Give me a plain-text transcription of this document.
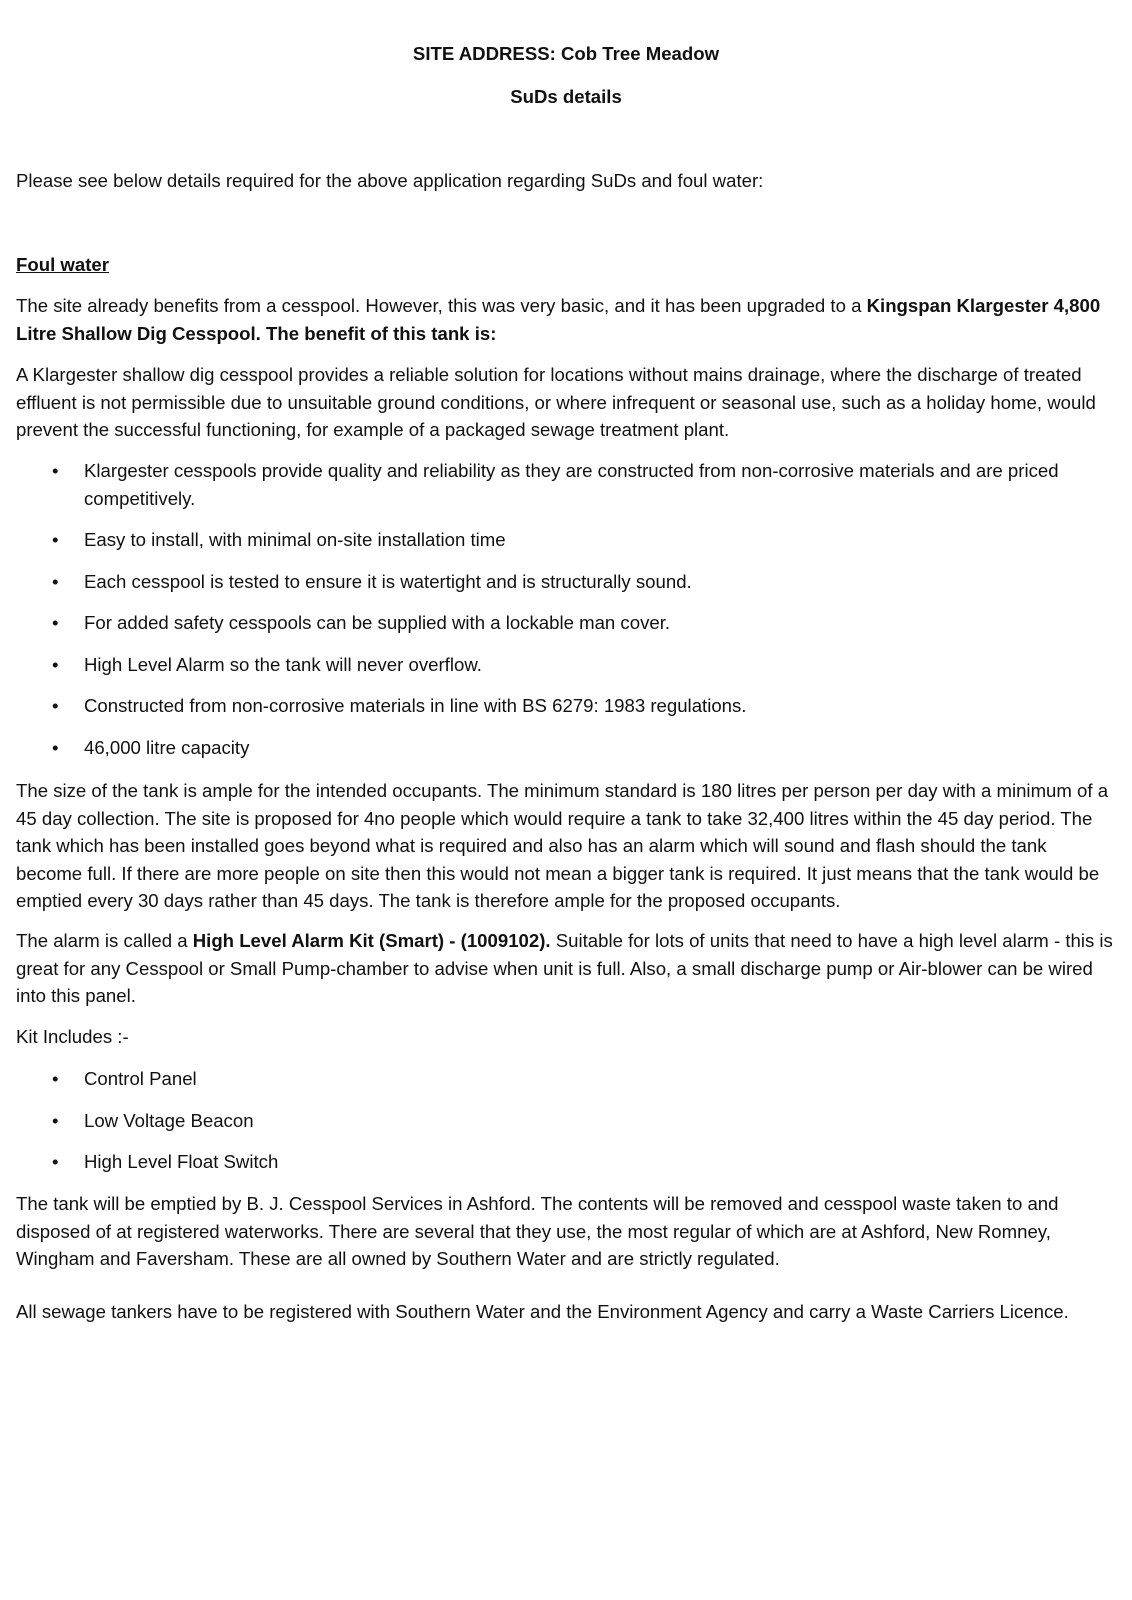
SITE ADDRESS: Cob Tree Meadow

SuDs details

Please see below details required for the above application regarding SuDs and foul water:

Foul water

The site already benefits from a cesspool. However, this was very basic, and it has been upgraded to a Kingspan Klargester 4,800 Litre Shallow Dig Cesspool. The benefit of this tank is:

A Klargester shallow dig cesspool provides a reliable solution for locations without mains drainage, where the discharge of treated effluent is not permissible due to unsuitable ground conditions, or where infrequent or seasonal use, such as a holiday home, would prevent the successful functioning, for example of a packaged sewage treatment plant.

• Klargester cesspools provide quality and reliability as they are constructed from non-corrosive materials and are priced competitively.
• Easy to install, with minimal on-site installation time
• Each cesspool is tested to ensure it is watertight and is structurally sound.
• For added safety cesspools can be supplied with a lockable man cover.
• High Level Alarm so the tank will never overflow.
• Constructed from non-corrosive materials in line with BS 6279: 1983 regulations.
• 46,000 litre capacity

The size of the tank is ample for the intended occupants. The minimum standard is 180 litres per person per day with a minimum of a 45 day collection. The site is proposed for 4no people which would require a tank to take 32,400 litres within the 45 day period. The tank which has been installed goes beyond what is required and also has an alarm which will sound and flash should the tank become full. If there are more people on site then this would not mean a bigger tank is required. It just means that the tank would be emptied every 30 days rather than 45 days. The tank is therefore ample for the proposed occupants.

The alarm is called a High Level Alarm Kit (Smart) - (1009102). Suitable for lots of units that need to have a high level alarm - this is great for any Cesspool or Small Pump-chamber to advise when unit is full. Also, a small discharge pump or Air-blower can be wired into this panel.

Kit Includes :-

• Control Panel
• Low Voltage Beacon
• High Level Float Switch

The tank will be emptied by B. J. Cesspool Services in Ashford. The contents will be removed and cesspool waste taken to and disposed of at registered waterworks. There are several that they use, the most regular of which are at Ashford, New Romney, Wingham and Faversham. These are all owned by Southern Water and are strictly regulated.

All sewage tankers have to be registered with Southern Water and the Environment Agency and carry a Waste Carriers Licence.
